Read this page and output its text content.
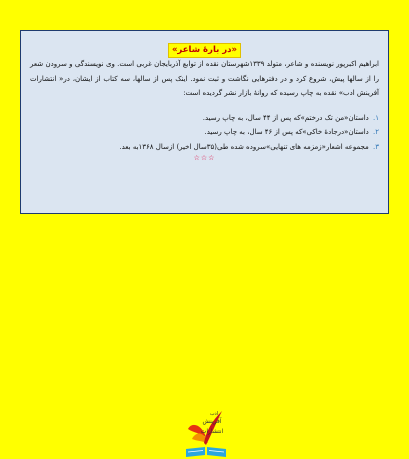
«در بارهٔ شاعر»

ابراهیم اکبرپور نویسنده و شاعر، متولد ۱۳۳۹شهرستان نقده از توابع آذربایجان غربی است. وی نویسندگی و سرودن شعر را از سالها پیش، شروع کرد و در دفترهایی نگاشت و ثبت نمود. اینک پس از سالها، سه کتاب از ایشان، در« انتشارات آفرینش ادب» نقده به چاپ رسیده که روانهٔ بازار نشر گردیده است:

۱. داستان«من تک درختم»که پس از ۴۴ سال، به چاپ رسید.
۲. داستان«درجادهٔ خاکی»که پس از ۴۶ سال، به چاپ رسید.
۳. مجموعه اشعار«زمزمه های تنهایی»سروده شده طی(۳۵سال اخیر) ازسال ۱۳۶۸به بعد.
☆☆☆
ادب
آفرینش
انتشارات
